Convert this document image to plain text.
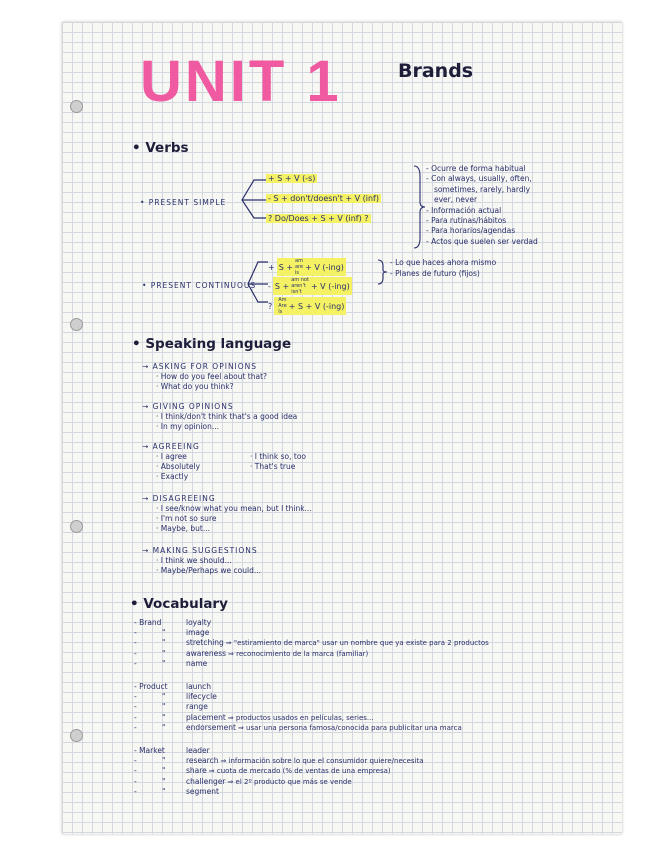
UNIT 1	Brands
• Verbs
• PRESENT SIMPLE
+ S + V (-s)
- S + don't/doesn't + V (inf)
? Do/Does + S + V (inf) ?
- Ocurre de forma habitual
- Con always, usually, often,
sometimes, rarely, hardly
ever, never
- Información actual
- Para rutinas/hábitos
- Para horarios/agendas
- Actos que suelen ser verdad
• PRESENT CONTINUOUS
+ S +
am
are
is
+ V (-ing)
- S +
am not
aren't
isn't
+ V (-ing)
?
Am
Are
Is
+ S + V (-ing)
- Lo que haces ahora mismo
- Planes de futuro (fijos)
• Speaking language
→ ASKING FOR OPINIONS
· How do you feel about that?
· What do you think?
→ GIVING OPINIONS
· I think/don't think that's a good idea
· In my opinion...
→ AGREEING
· I agree
· Absolutely
· Exactly
· I think so, too
· That's true
→ DISAGREEING
· I see/know what you mean, but I think...
· I'm not so sure
· Maybe, but...
→ MAKING SUGGESTIONS
· I think we should...
· Maybe/Perhaps we could...
• Vocabulary
- Brand	loyalty
-	"	image
-	"	stretching ⇒ "estiramiento de marca" usar un nombre que ya existe para 2 productos
-	"	awareness ⇒ reconocimiento de la marca (familiar)
-	"	name
- Product	launch
-	"	lifecycle
-	"	range
-	"	placement ⇒ productos usados en películas, series...
-	"	endorsement ⇒ usar una persona famosa/conocida para publicitar una marca
- Market	leader
-	"	research ⇒ información sobre lo que el consumidor quiere/necesita
-	"	share ⇒ cuota de mercado (% de ventas de una empresa)
-	"	challenger ⇒ el 2º producto que más se vende
-	"	segment
